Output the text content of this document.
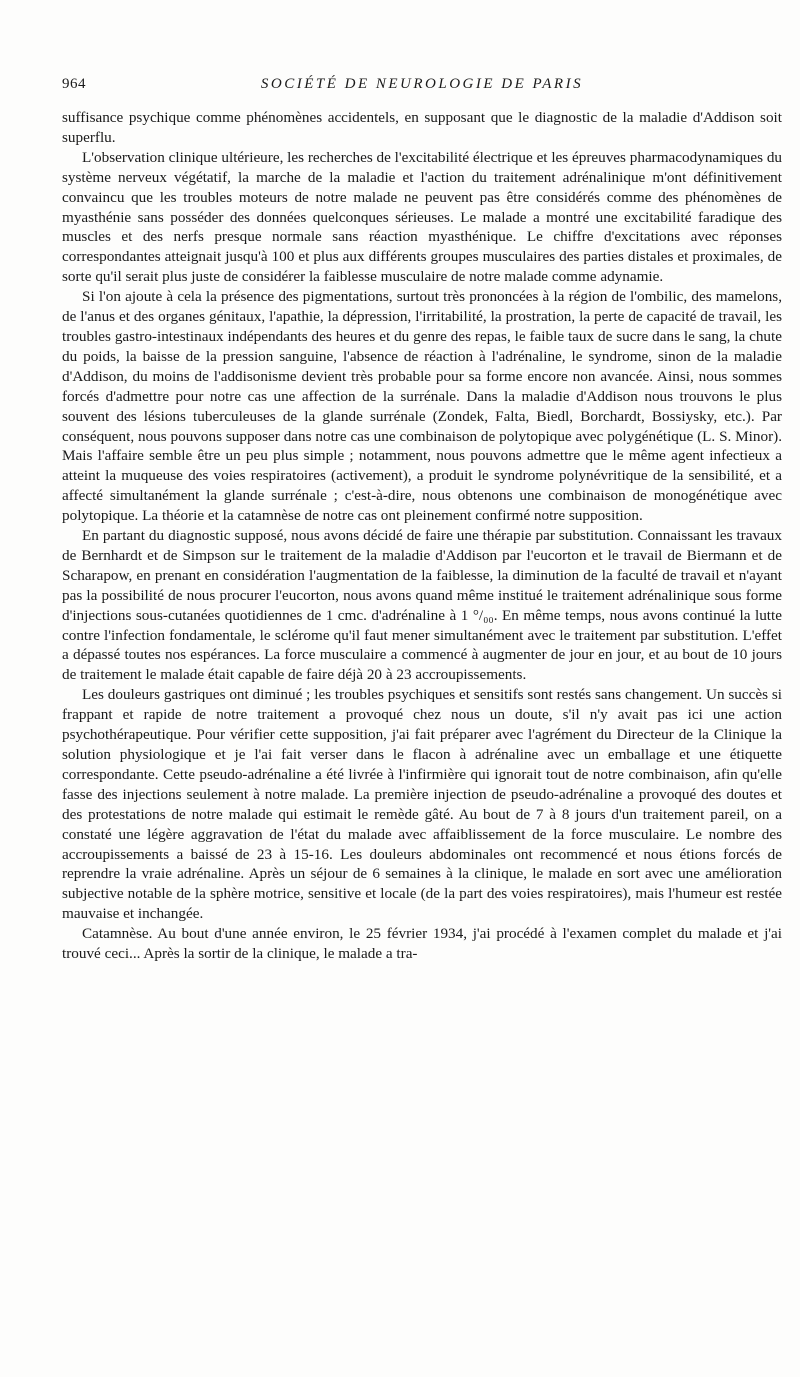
964	SOCIÉTÉ DE NEUROLOGIE DE PARIS

suffisance psychique comme phénomènes accidentels, en supposant que le diagnostic de la maladie d'Addison soit superflu.

L'observation clinique ultérieure, les recherches de l'excitabilité électrique et les épreuves pharmacodynamiques du système nerveux végétatif, la marche de la maladie et l'action du traitement adrénalinique m'ont définitivement convaincu que les troubles moteurs de notre malade ne peuvent pas être considérés comme des phénomènes de myasthénie sans posséder des données quelconques sérieuses. Le malade a montré une excitabilité faradique des muscles et des nerfs presque normale sans réaction myasthénique. Le chiffre d'excitations avec réponses correspondantes atteignait jusqu'à 100 et plus aux différents groupes musculaires des parties distales et proximales, de sorte qu'il serait plus juste de considérer la faiblesse musculaire de notre malade comme adynamie.

Si l'on ajoute à cela la présence des pigmentations, surtout très prononcées à la région de l'ombilic, des mamelons, de l'anus et des organes génitaux, l'apathie, la dépression, l'irritabilité, la prostration, la perte de capacité de travail, les troubles gastro-intestinaux indépendants des heures et du genre des repas, le faible taux de sucre dans le sang, la chute du poids, la baisse de la pression sanguine, l'absence de réaction à l'adrénaline, le syndrome, sinon de la maladie d'Addison, du moins de l'addisonisme devient très probable pour sa forme encore non avancée. Ainsi, nous sommes forcés d'admettre pour notre cas une affection de la surrénale. Dans la maladie d'Addison nous trouvons le plus souvent des lésions tuberculeuses de la glande surrénale (Zondek, Falta, Biedl, Borchardt, Bossiysky, etc.). Par conséquent, nous pouvons supposer dans notre cas une combinaison de polytopique avec polygénétique (L. S. Minor). Mais l'affaire semble être un peu plus simple ; notamment, nous pouvons admettre que le même agent infectieux a atteint la muqueuse des voies respiratoires (activement), a produit le syndrome polynévritique de la sensibilité, et a affecté simultanément la glande surrénale ; c'est-à-dire, nous obtenons une combinaison de monogénétique avec polytopique. La théorie et la catamnèse de notre cas ont pleinement confirmé notre supposition.

En partant du diagnostic supposé, nous avons décidé de faire une thérapie par substitution. Connaissant les travaux de Bernhardt et de Simpson sur le traitement de la maladie d'Addison par l'eucorton et le travail de Biermann et de Scharapow, en prenant en considération l'augmentation de la faiblesse, la diminution de la faculté de travail et n'ayant pas la possibilité de nous procurer l'eucorton, nous avons quand même institué le traitement adrénalinique sous forme d'injections sous-cutanées quotidiennes de 1 cmc. d'adrénaline à 1 °/₀₀. En même temps, nous avons continué la lutte contre l'infection fondamentale, le sclérome qu'il faut mener simultanément avec le traitement par substitution. L'effet a dépassé toutes nos espérances. La force musculaire a commencé à augmenter de jour en jour, et au bout de 10 jours de traitement le malade était capable de faire déjà 20 à 23 accroupissements.

Les douleurs gastriques ont diminué ; les troubles psychiques et sensitifs sont restés sans changement. Un succès si frappant et rapide de notre traitement a provoqué chez nous un doute, s'il n'y avait pas ici une action psychothérapeutique. Pour vérifier cette supposition, j'ai fait préparer avec l'agrément du Directeur de la Clinique la solution physiologique et je l'ai fait verser dans le flacon à adrénaline avec un emballage et une étiquette correspondante. Cette pseudo-adrénaline a été livrée à l'infirmière qui ignorait tout de notre combinaison, afin qu'elle fasse des injections seulement à notre malade. La première injection de pseudo-adrénaline a provoqué des doutes et des protestations de notre malade qui estimait le remède gâté. Au bout de 7 à 8 jours d'un traitement pareil, on a constaté une légère aggravation de l'état du malade avec affaiblissement de la force musculaire. Le nombre des accroupissements a baissé de 23 à 15-16. Les douleurs abdominales ont recommencé et nous étions forcés de reprendre la vraie adrénaline. Après un séjour de 6 semaines à la clinique, le malade en sort avec une amélioration subjective notable de la sphère motrice, sensitive et locale (de la part des voies respiratoires), mais l'humeur est restée mauvaise et inchangée.

Catamnèse. Au bout d'une année environ, le 25 février 1934, j'ai procédé à l'examen complet du malade et j'ai trouvé ceci... Après la sortir de la clinique, le malade a tra-
